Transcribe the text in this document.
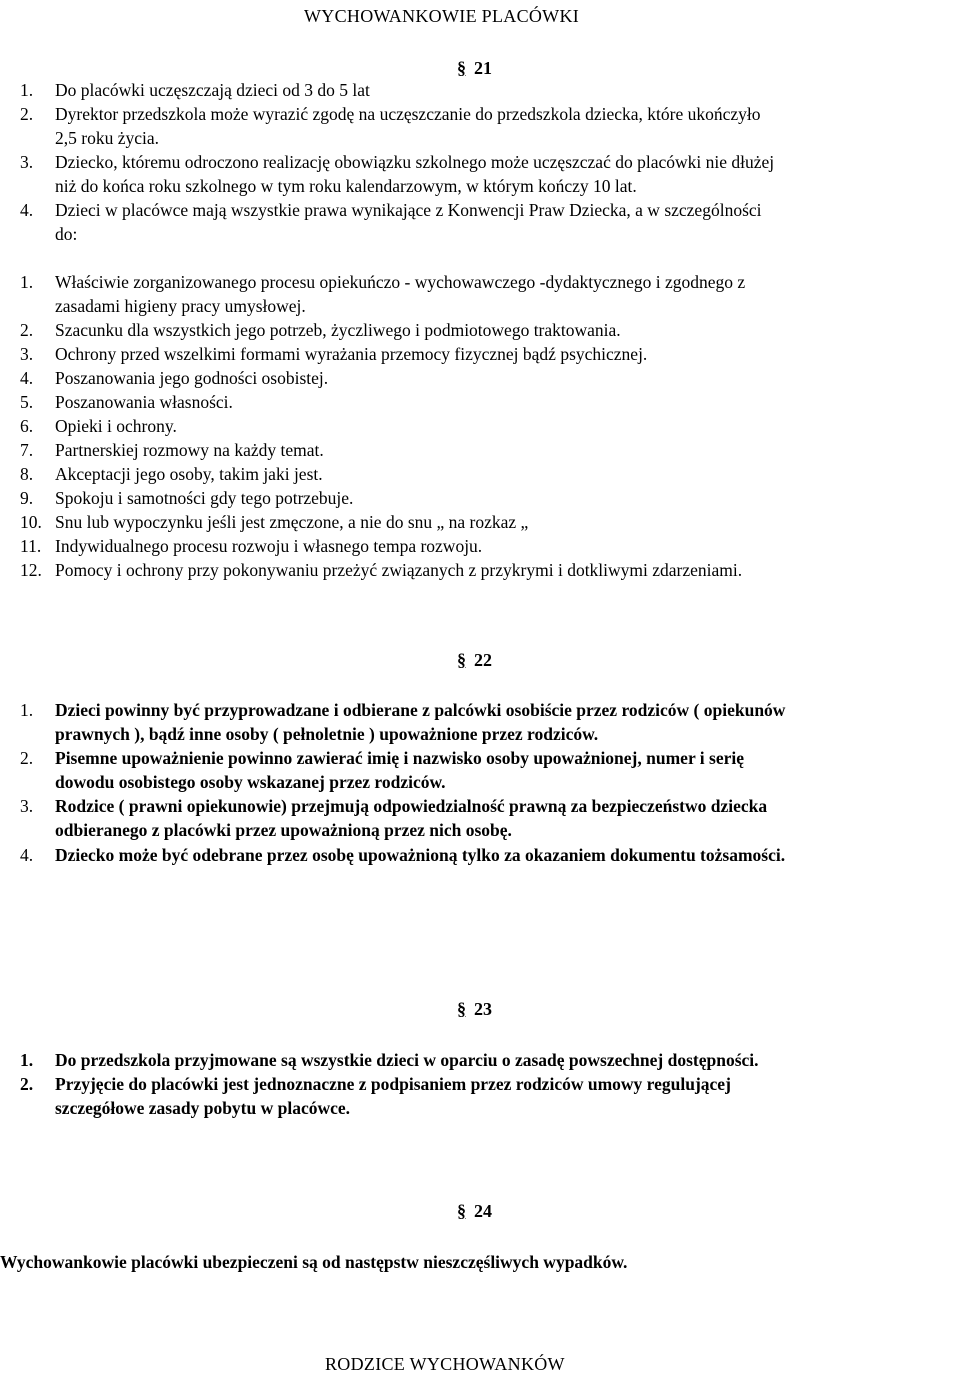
WYCHOWANKOWIE PLACÓWKI
§ 21
1. Do placówki uczęszczają dzieci od 3 do 5 lat
2. Dyrektor przedszkola może wyrazić zgodę na uczęszczanie do przedszkola dziecka, które ukończyło
2,5 roku życia.
3. Dziecko, któremu odroczono realizację obowiązku szkolnego może uczęszczać do placówki nie dłużej
niż do końca roku szkolnego w tym roku kalendarzowym, w którym kończy 10 lat.
4. Dzieci w placówce mają wszystkie prawa wynikające z Konwencji Praw Dziecka, a w szczególności
do:
1. Właściwie zorganizowanego procesu opiekuńczo - wychowawczego -dydaktycznego i zgodnego z
zasadami higieny pracy umysłowej.
2. Szacunku dla wszystkich jego potrzeb, życzliwego i podmiotowego traktowania.
3. Ochrony przed wszelkimi formami wyrażania przemocy fizycznej bądź psychicznej.
4. Poszanowania jego godności osobistej.
5. Poszanowania własności.
6. Opieki i ochrony.
7. Partnerskiej rozmowy na każdy temat.
8. Akceptacji jego osoby, takim jaki jest.
9. Spokoju i samotności gdy tego potrzebuje.
10. Snu lub wypoczynku jeśli jest zmęczone, a nie do snu „ na rozkaz „
11. Indywidualnego procesu rozwoju i własnego tempa rozwoju.
12. Pomocy i ochrony przy pokonywaniu przeżyć związanych z przykrymi i dotkliwymi zdarzeniami.
§ 22
1. Dzieci powinny być przyprowadzane i odbierane z palcówki osobiście przez rodziców ( opiekunów
prawnych ), bądź inne osoby ( pełnoletnie ) upoważnione przez rodziców.
2. Pisemne upoważnienie powinno zawierać imię i nazwisko osoby upoważnionej, numer i serię
dowodu osobistego osoby wskazanej przez rodziców.
3. Rodzice ( prawni opiekunowie) przejmują odpowiedzialność prawną za bezpieczeństwo dziecka
odbieranego z placówki przez upoważnioną przez nich osobę.
4. Dziecko może być odebrane przez osobę upoważnioną tylko za okazaniem dokumentu tożsamości.
§ 23
1. Do przedszkola przyjmowane są wszystkie dzieci w oparciu o zasadę powszechnej dostępności.
2. Przyjęcie do placówki jest jednoznaczne z podpisaniem przez rodziców umowy regulującej
szczegółowe zasady pobytu w placówce.
§ 24
Wychowankowie placówki ubezpieczeni są od następstw nieszczęśliwych wypadków.
RODZICE WYCHOWANKÓW
